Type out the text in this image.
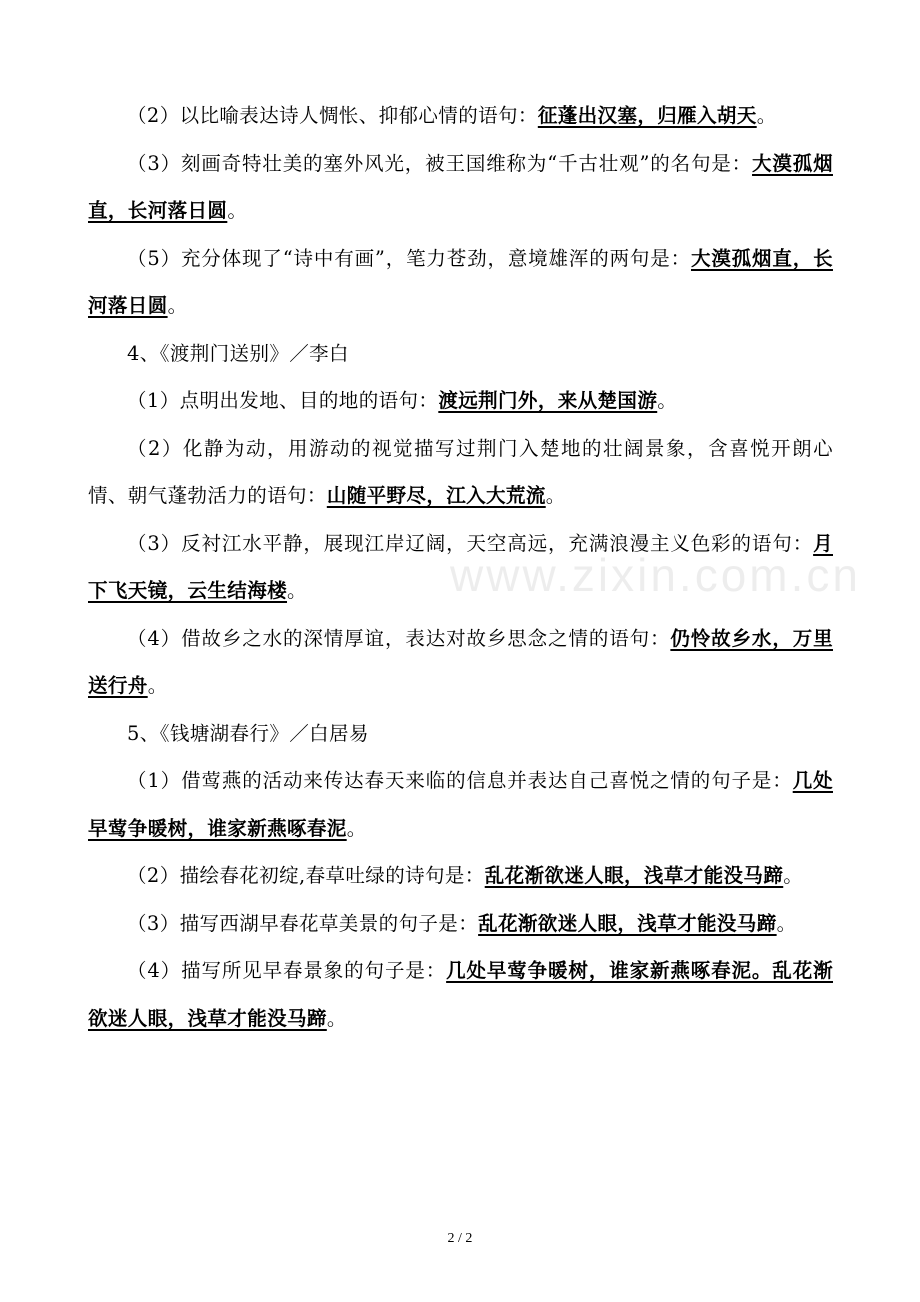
（2）以比喻表达诗人惆怅、抑郁心情的语句：征蓬出汉塞，归雁入胡天。

（3）刻画奇特壮美的塞外风光，被王国维称为“千古壮观”的名句是：大漠孤烟直，长河落日圆。

（5）充分体现了“诗中有画”，笔力苍劲，意境雄浑的两句是：大漠孤烟直，长河落日圆。

4、《渡荆门送别》／李白

（1）点明出发地、目的地的语句：渡远荆门外，来从楚国游。

（2）化静为动，用游动的视觉描写过荆门入楚地的壮阔景象，含喜悦开朗心情、朝气蓬勃活力的语句：山随平野尽，江入大荒流。

（3）反衬江水平静，展现江岸辽阔，天空高远，充满浪漫主义色彩的语句：月下飞天镜，云生结海楼。

（4）借故乡之水的深情厚谊，表达对故乡思念之情的语句：仍怜故乡水，万里送行舟。

5、《钱塘湖春行》／白居易

（1）借莺燕的活动来传达春天来临的信息并表达自己喜悦之情的句子是：几处早莺争暖树，谁家新燕啄春泥。

（2）描绘春花初绽,春草吐绿的诗句是：乱花渐欲迷人眼，浅草才能没马蹄。

（3）描写西湖早春花草美景的句子是：乱花渐欲迷人眼，浅草才能没马蹄。

（4）描写所见早春景象的句子是：几处早莺争暖树，谁家新燕啄春泥。乱花渐欲迷人眼，浅草才能没马蹄。

www.zixin.com.cn
2 / 2
